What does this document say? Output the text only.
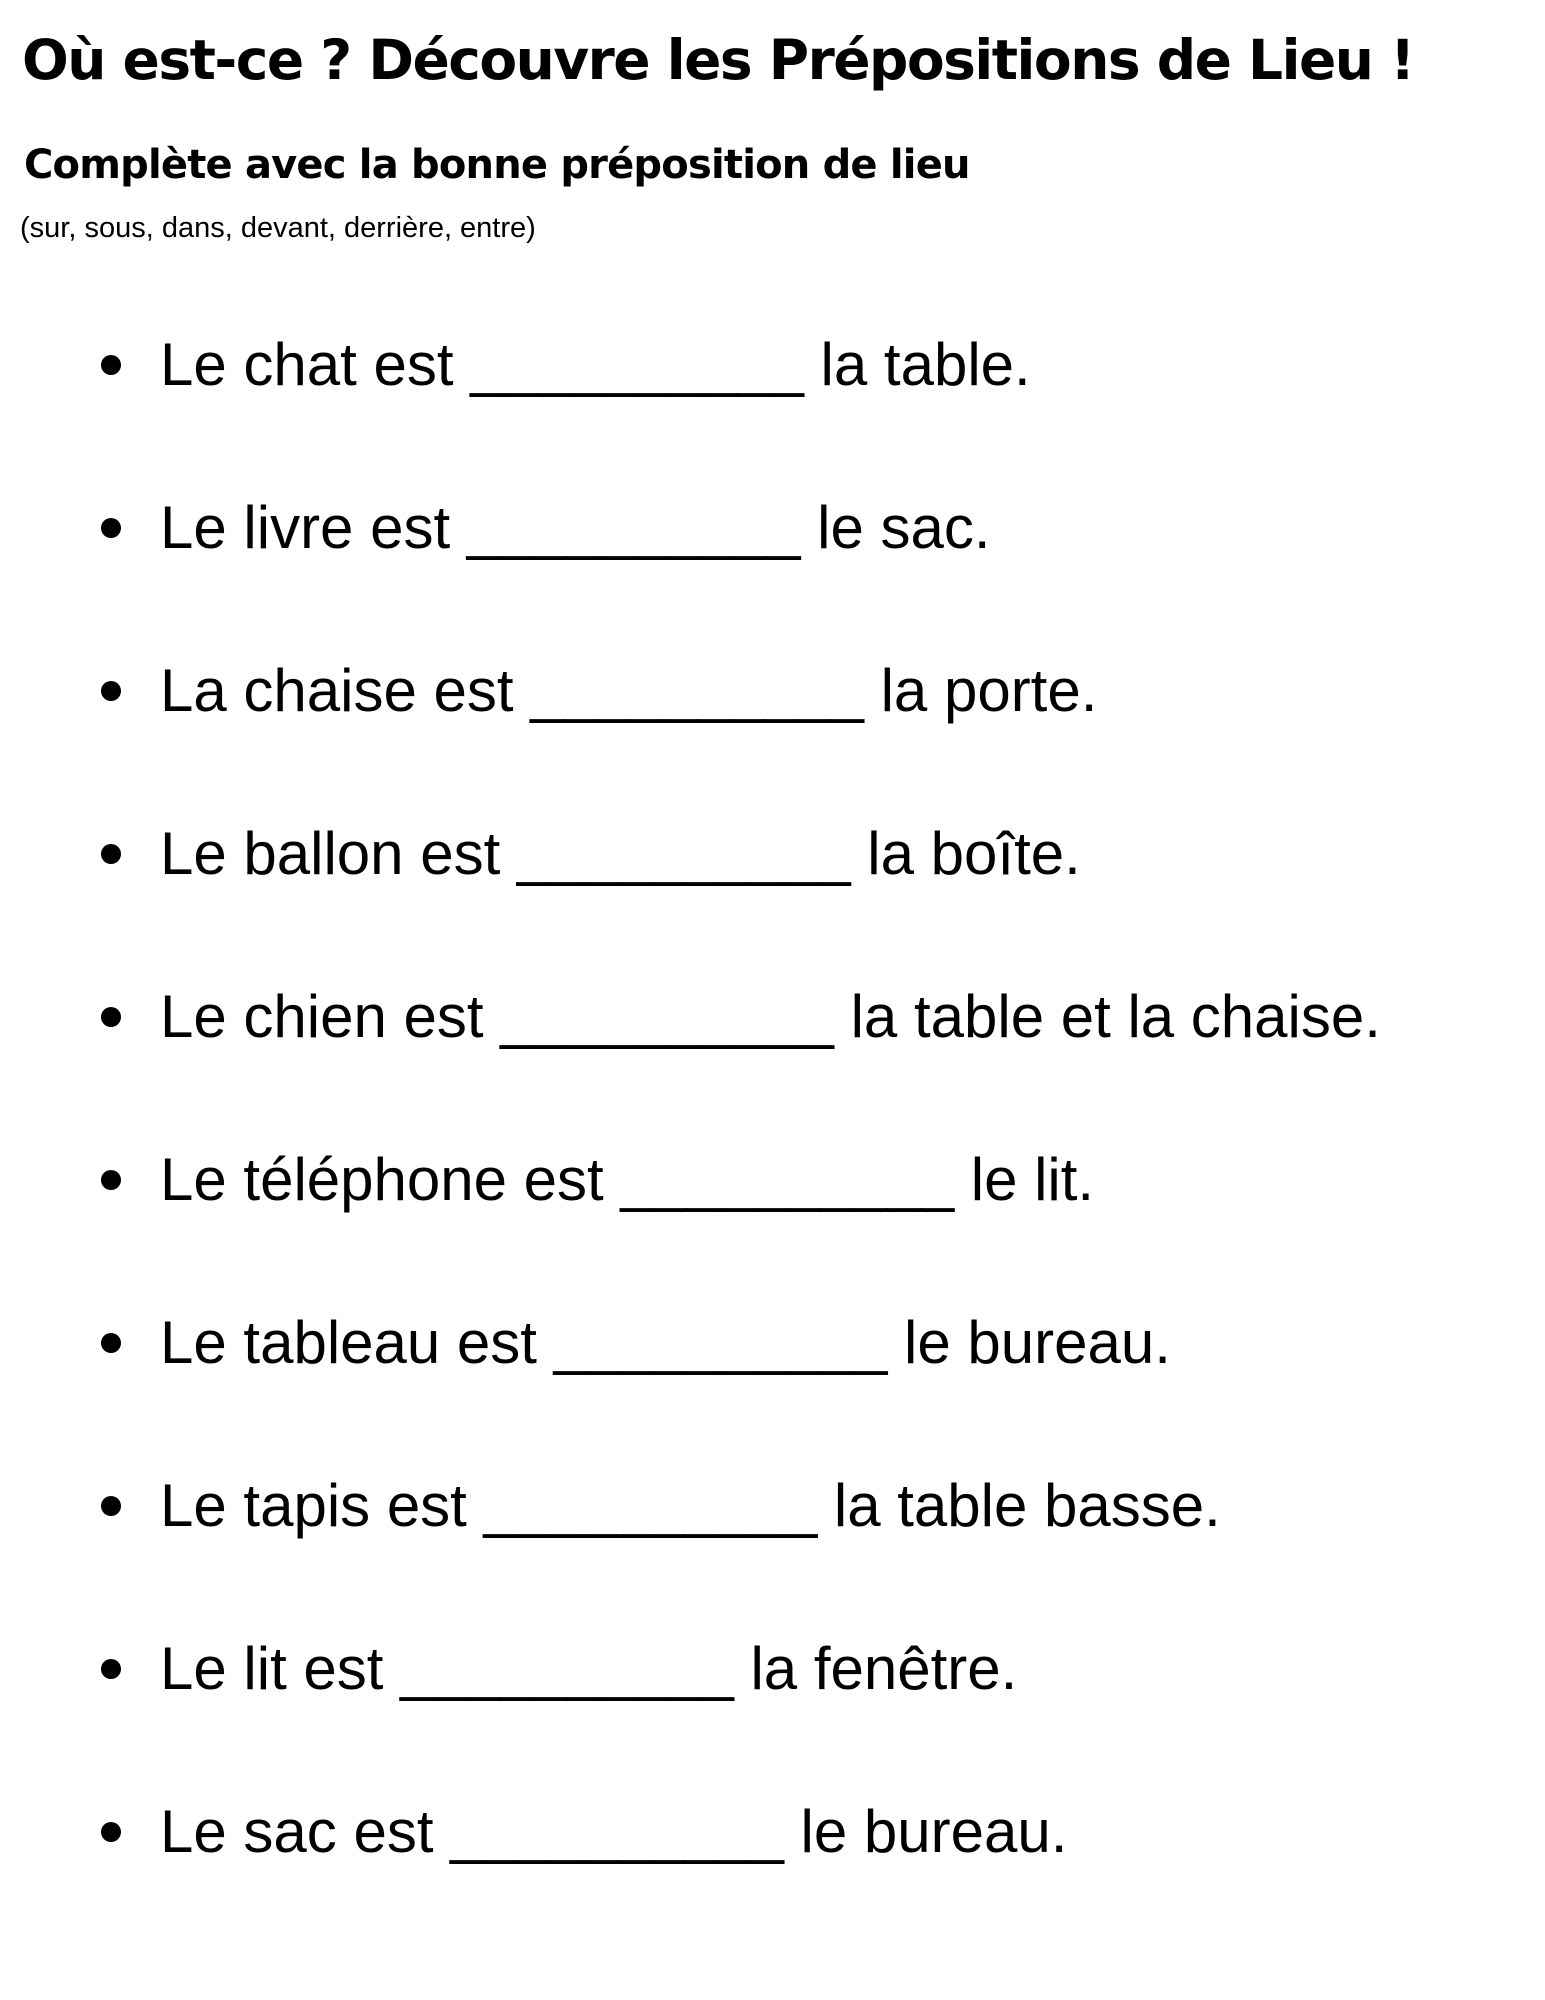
Où est-ce ? Découvre les Prépositions de Lieu !
Complète avec la bonne préposition de lieu

(sur, sous, dans, devant, derrière, entre)

Le chat est __________ la table.
Le livre est __________ le sac.
La chaise est __________ la porte.
Le ballon est __________ la boîte.
Le chien est __________ la table et la chaise.
Le téléphone est __________ le lit.
Le tableau est __________ le bureau.
Le tapis est __________ la table basse.
Le lit est __________ la fenêtre.
Le sac est __________ le bureau.
